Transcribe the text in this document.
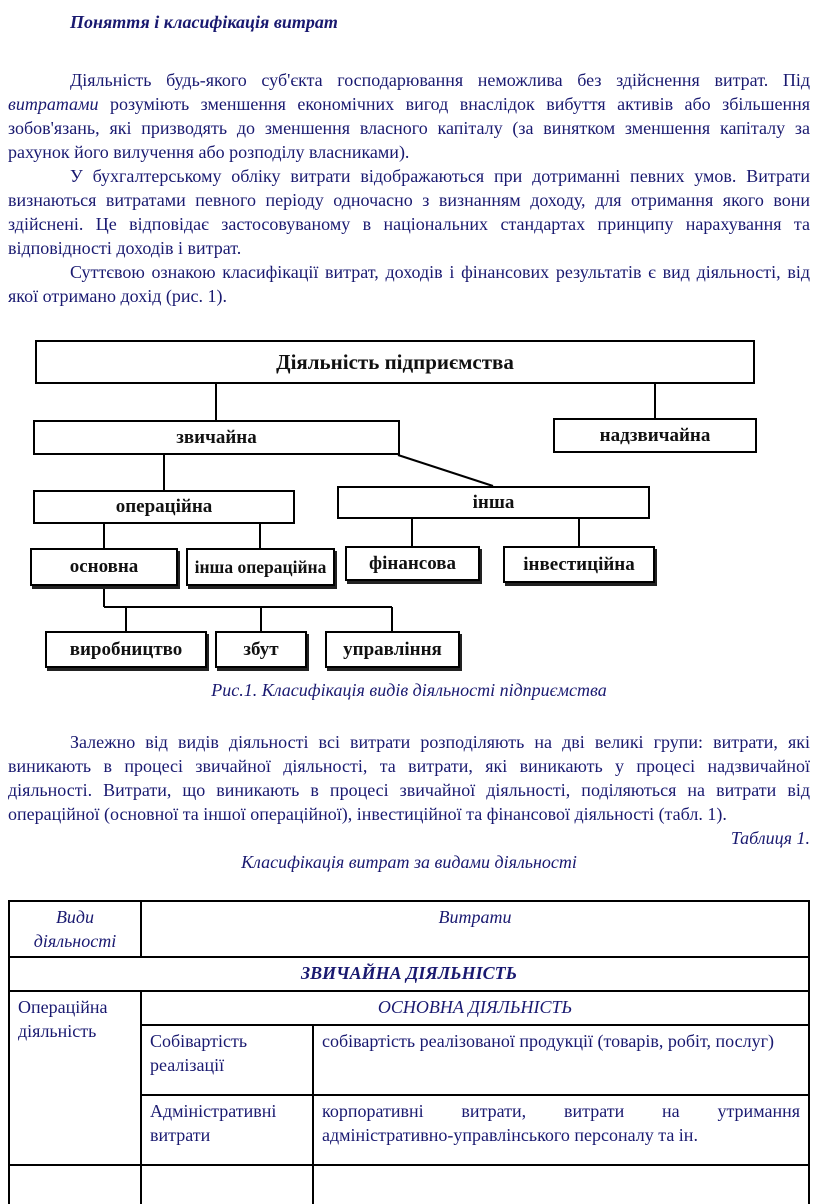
Поняття і класифікація витрат

Діяльність будь-якого суб'єкта господарювання неможлива без здійснення витрат. Під витратами розуміють зменшення економічних вигод внаслідок вибуття активів або збільшення зобов'язань, які призводять до зменшення власного капіталу (за винятком зменшення капіталу за рахунок його вилучення або розподілу власниками).

У бухгалтерському обліку витрати відображаються при дотриманні певних умов. Витрати визнаються витратами певного періоду одночасно з визнанням доходу, для отримання якого вони здійснені. Це відповідає застосовуваному в національних стандартах принципу нарахування та відповідності доходів і витрат.

Суттєвою ознакою класифікації витрат, доходів і фінансових результатів є вид діяльності, від якої отримано дохід (рис. 1).

Діяльність підприємства
звичайна	надзвичайна
операційна	інша
основна	інша операційна	фінансова	інвестиційна
виробництво	збут	управління

Рис.1. Класифікація видів діяльності підприємства

Залежно від видів діяльності всі витрати розподіляють на дві великі групи: витрати, які виникають в процесі звичайної діяльності, та витрати, які виникають у процесі надзвичайної діяльності. Витрати, що виникають в процесі звичайної діяльності, поділяються на витрати від операційної (основної та іншої операційної), інвестиційної та фінансової діяльності (табл. 1).

Таблиця 1.

Класифікація витрат за видами діяльності

Види діяльності	Витрати	
ЗВИЧАЙНА ДІЯЛЬНІСТЬ		
Операційна діяльність	ОСНОВНА ДІЯЛЬНІСТЬ	
	Собівартість реалізації	собівартість реалізованої продукції (товарів, робіт, послуг)
	Адміністративні витрати	корпоративні витрати, витрати на утримання адміністративно-управлінського персоналу та ін.
